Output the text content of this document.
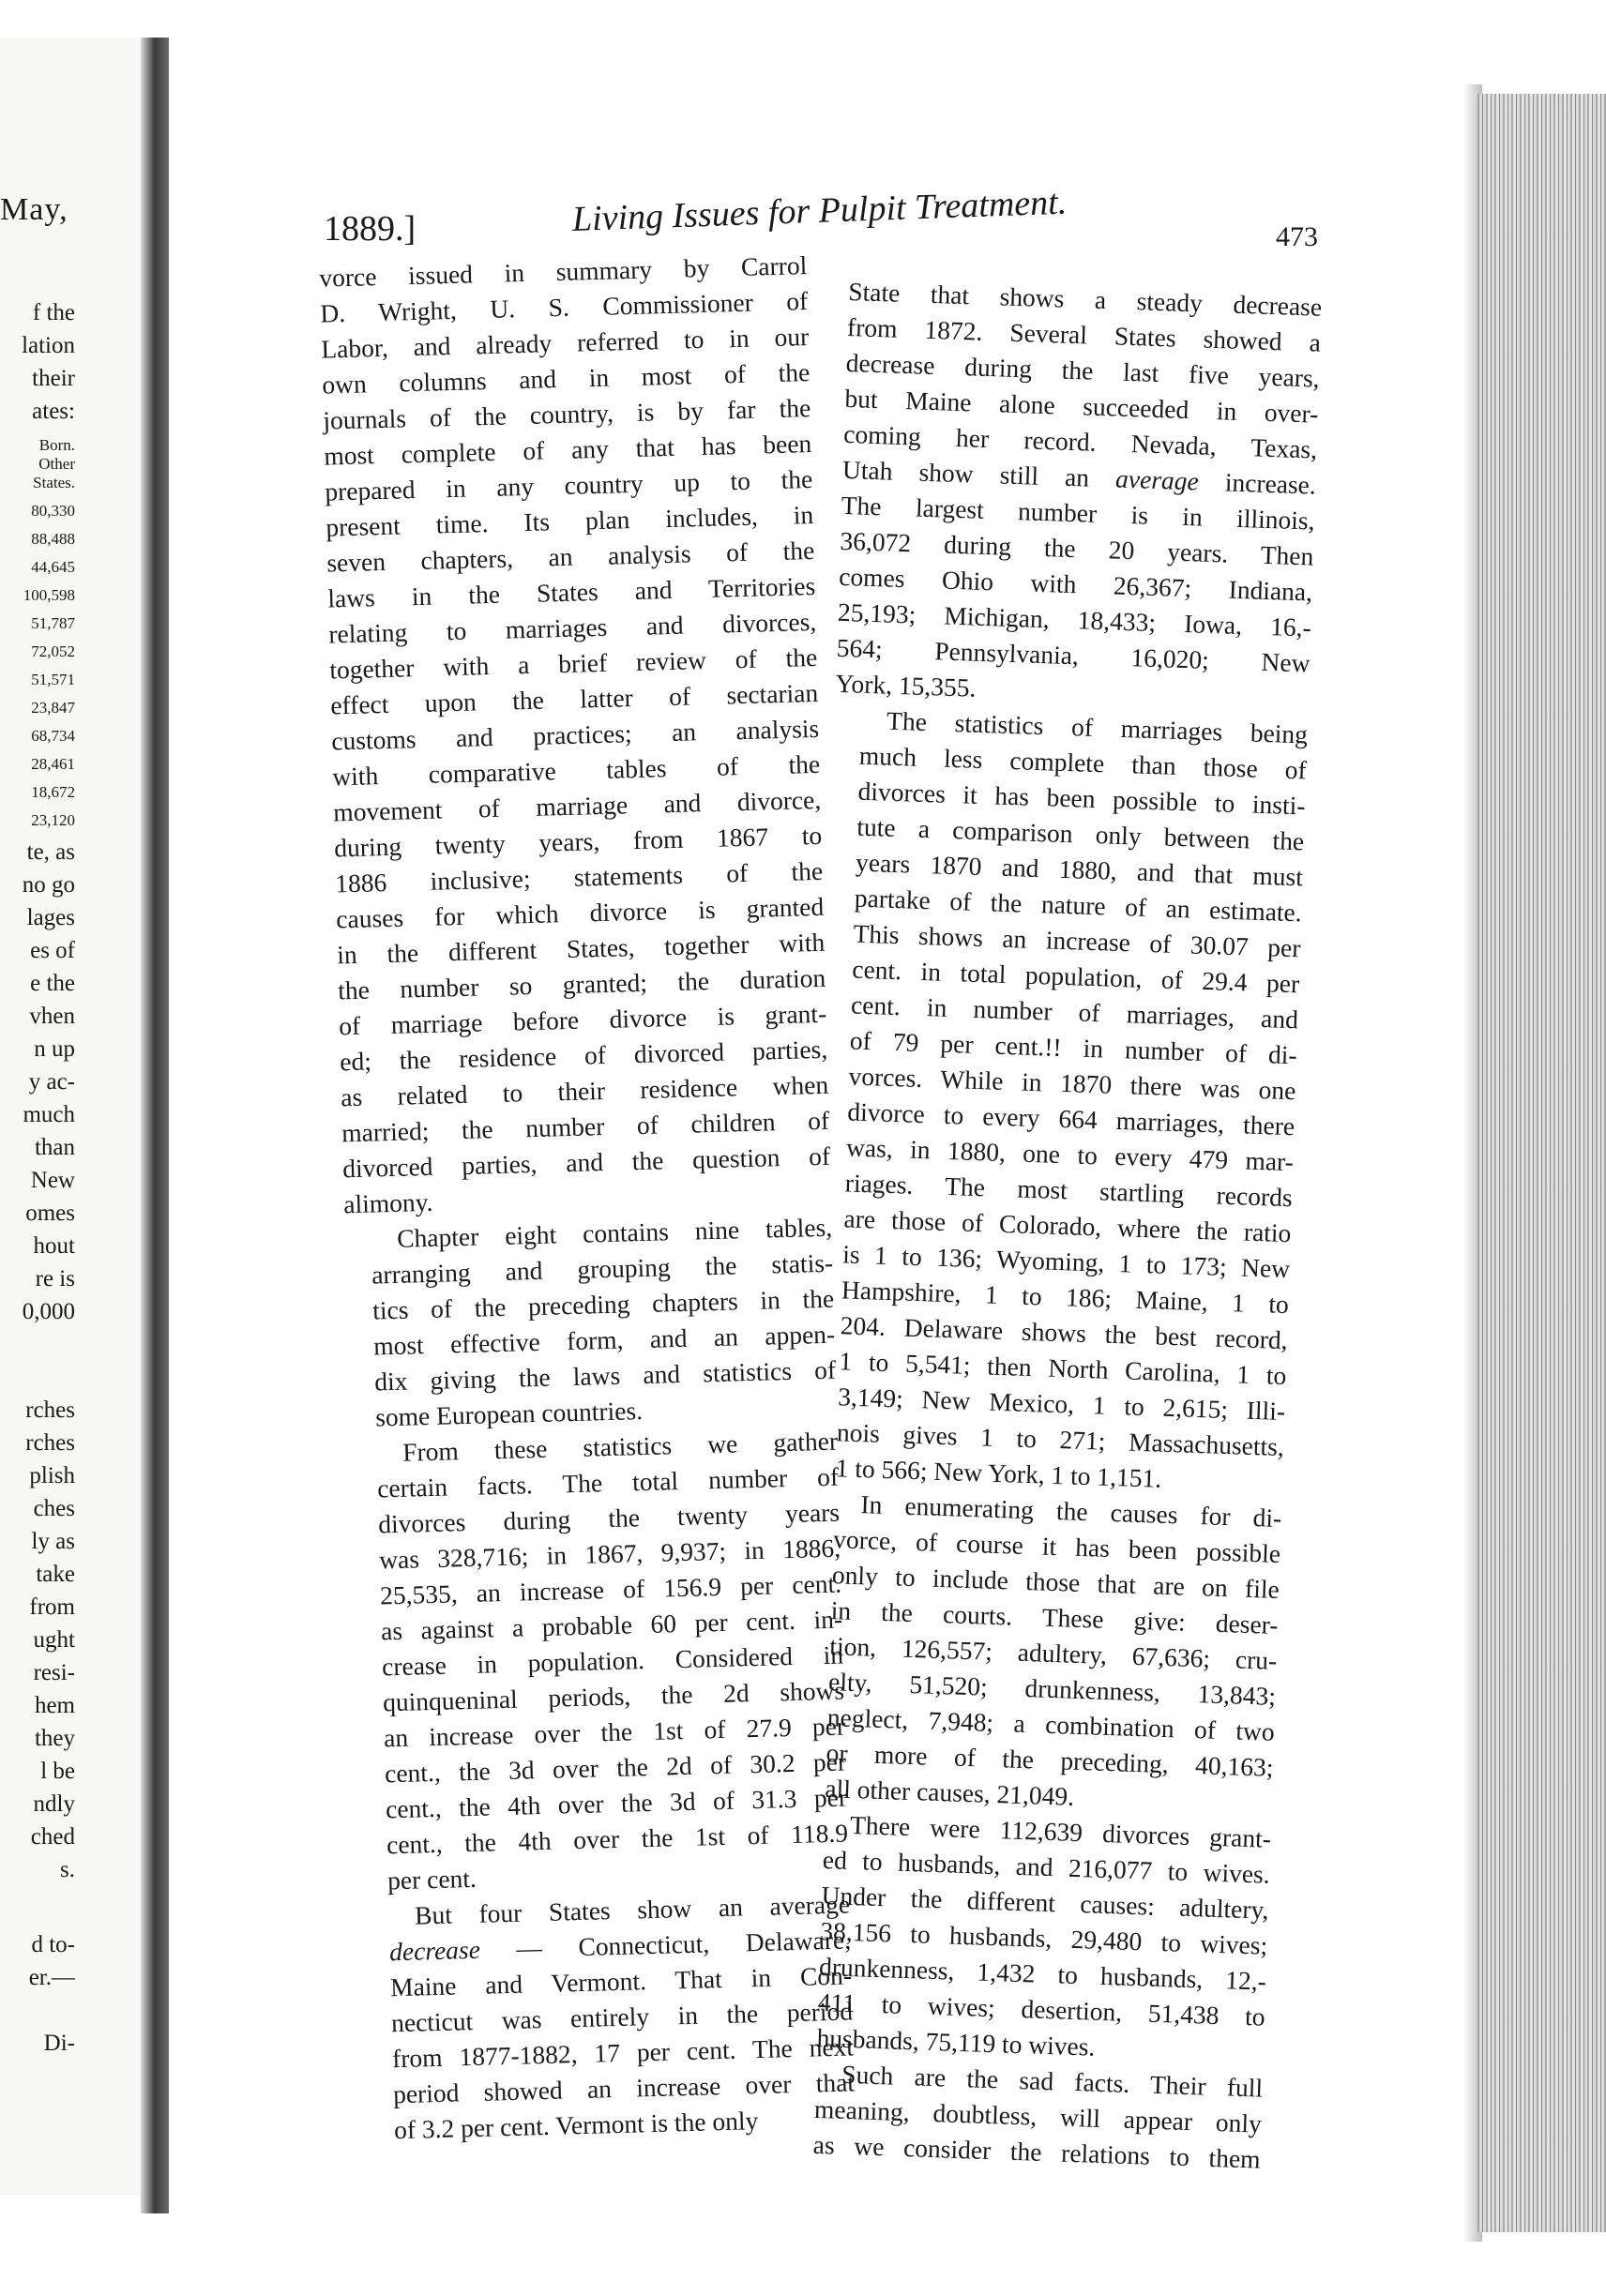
May,
f the
lation
their
ates:
Born.
Other
States.
80,330
88,488
44,645
100,598
51,787
72,052
51,571
23,847
68,734
28,461
18,672
23,120
te, as
no go
lages
es of
e the
vhen
n up
y ac-
much
than
New
omes
hout
re is
0,000
rches
rches
plish
ches
ly as
take
from
ught
resi-
hem
they
l be
ndly
ched
s.
d to-
er.—
Di-
1889.]	Living Issues for Pulpit Treatment.	473
vorce issued in summary by Carrol
D. Wright, U. S. Commissioner of
Labor, and already referred to in our
own columns and in most of the
journals of the country, is by far the
most complete of any that has been
prepared in any country up to the
present time. Its plan includes, in
seven chapters, an analysis of the
laws in the States and Territories
relating to marriages and divorces,
together with a brief review of the
effect upon the latter of sectarian
customs and practices; an analysis
with comparative tables of the
movement of marriage and divorce,
during twenty years, from 1867 to
1886 inclusive; statements of the
causes for which divorce is granted
in the different States, together with
the number so granted; the duration
of marriage before divorce is grant-
ed; the residence of divorced parties,
as related to their residence when
married; the number of children of
divorced parties, and the question of
alimony.
Chapter eight contains nine tables,
arranging and grouping the statis-
tics of the preceding chapters in the
most effective form, and an appen-
dix giving the laws and statistics of
some European countries.
From these statistics we gather
certain facts. The total number of
divorces during the twenty years
was 328,716; in 1867, 9,937; in 1886,
25,535, an increase of 156.9 per cent.
as against a probable 60 per cent. in-
crease in population. Considered in
quinqueninal periods, the 2d shows
an increase over the 1st of 27.9 per
cent., the 3d over the 2d of 30.2 per
cent., the 4th over the 3d of 31.3 per
cent., the 4th over the 1st of 118.9
per cent.
But four States show an average
decrease — Connecticut, Delaware,
Maine and Vermont. That in Con-
necticut was entirely in the period
from 1877-1882, 17 per cent. The next
period showed an increase over that
of 3.2 per cent. Vermont is the only
State that shows a steady decrease
from 1872. Several States showed a
decrease during the last five years,
but Maine alone succeeded in over-
coming her record. Nevada, Texas,
Utah show still an average increase.
The largest number is in illinois,
36,072 during the 20 years. Then
comes Ohio with 26,367; Indiana,
25,193; Michigan, 18,433; Iowa, 16,-
564; Pennsylvania, 16,020; New
York, 15,355.
The statistics of marriages being
much less complete than those of
divorces it has been possible to insti-
tute a comparison only between the
years 1870 and 1880, and that must
partake of the nature of an estimate.
This shows an increase of 30.07 per
cent. in total population, of 29.4 per
cent. in number of marriages, and
of 79 per cent.!! in number of di-
vorces. While in 1870 there was one
divorce to every 664 marriages, there
was, in 1880, one to every 479 mar-
riages. The most startling records
are those of Colorado, where the ratio
is 1 to 136; Wyoming, 1 to 173; New
Hampshire, 1 to 186; Maine, 1 to
204. Delaware shows the best record,
1 to 5,541; then North Carolina, 1 to
3,149; New Mexico, 1 to 2,615; Illi-
nois gives 1 to 271; Massachusetts,
1 to 566; New York, 1 to 1,151.
In enumerating the causes for di-
vorce, of course it has been possible
only to include those that are on file
in the courts. These give: deser-
tion, 126,557; adultery, 67,636; cru-
elty, 51,520; drunkenness, 13,843;
neglect, 7,948; a combination of two
or more of the preceding, 40,163;
all other causes, 21,049.
There were 112,639 divorces grant-
ed to husbands, and 216,077 to wives.
Under the different causes: adultery,
38,156 to husbands, 29,480 to wives;
drunkenness, 1,432 to husbands, 12,-
411 to wives; desertion, 51,438 to
husbands, 75,119 to wives.
Such are the sad facts. Their full
meaning, doubtless, will appear only
as we consider the relations to them
